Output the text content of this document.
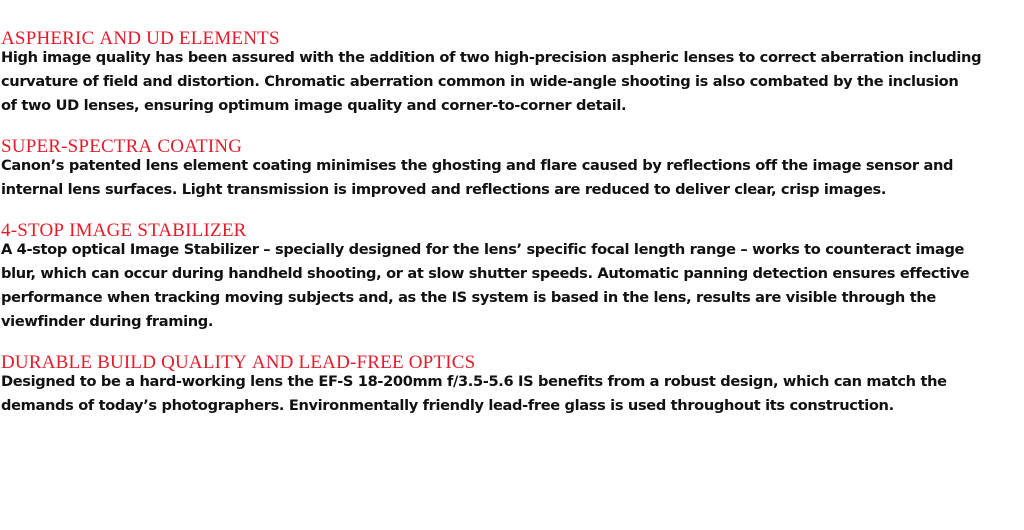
aspheric and ud elements

High image quality has been assured with the addition of two high-precision aspheric lenses to correct aberration including
curvature of field and distortion. Chromatic aberration common in wide-angle shooting is also combated by the inclusion
of two UD lenses, ensuring optimum image quality and corner-to-corner detail.

super-spectra coating

Canon’s patented lens element coating minimises the ghosting and flare caused by reflections off the image sensor and
internal lens surfaces. Light transmission is improved and reflections are reduced to deliver clear, crisp images.

4-stop image stabilizer

A 4-stop optical Image Stabilizer – specially designed for the lens’ specific focal length range – works to counteract image
blur, which can occur during handheld shooting, or at slow shutter speeds. Automatic panning detection ensures effective
performance when tracking moving subjects and, as the IS system is based in the lens, results are visible through the
viewfinder during framing.

durable build quality and lead-free optics

Designed to be a hard-working lens the EF-S 18-200mm f/3.5-5.6 IS benefits from a robust design, which can match the
demands of today’s photographers. Environmentally friendly lead-free glass is used throughout its construction.
